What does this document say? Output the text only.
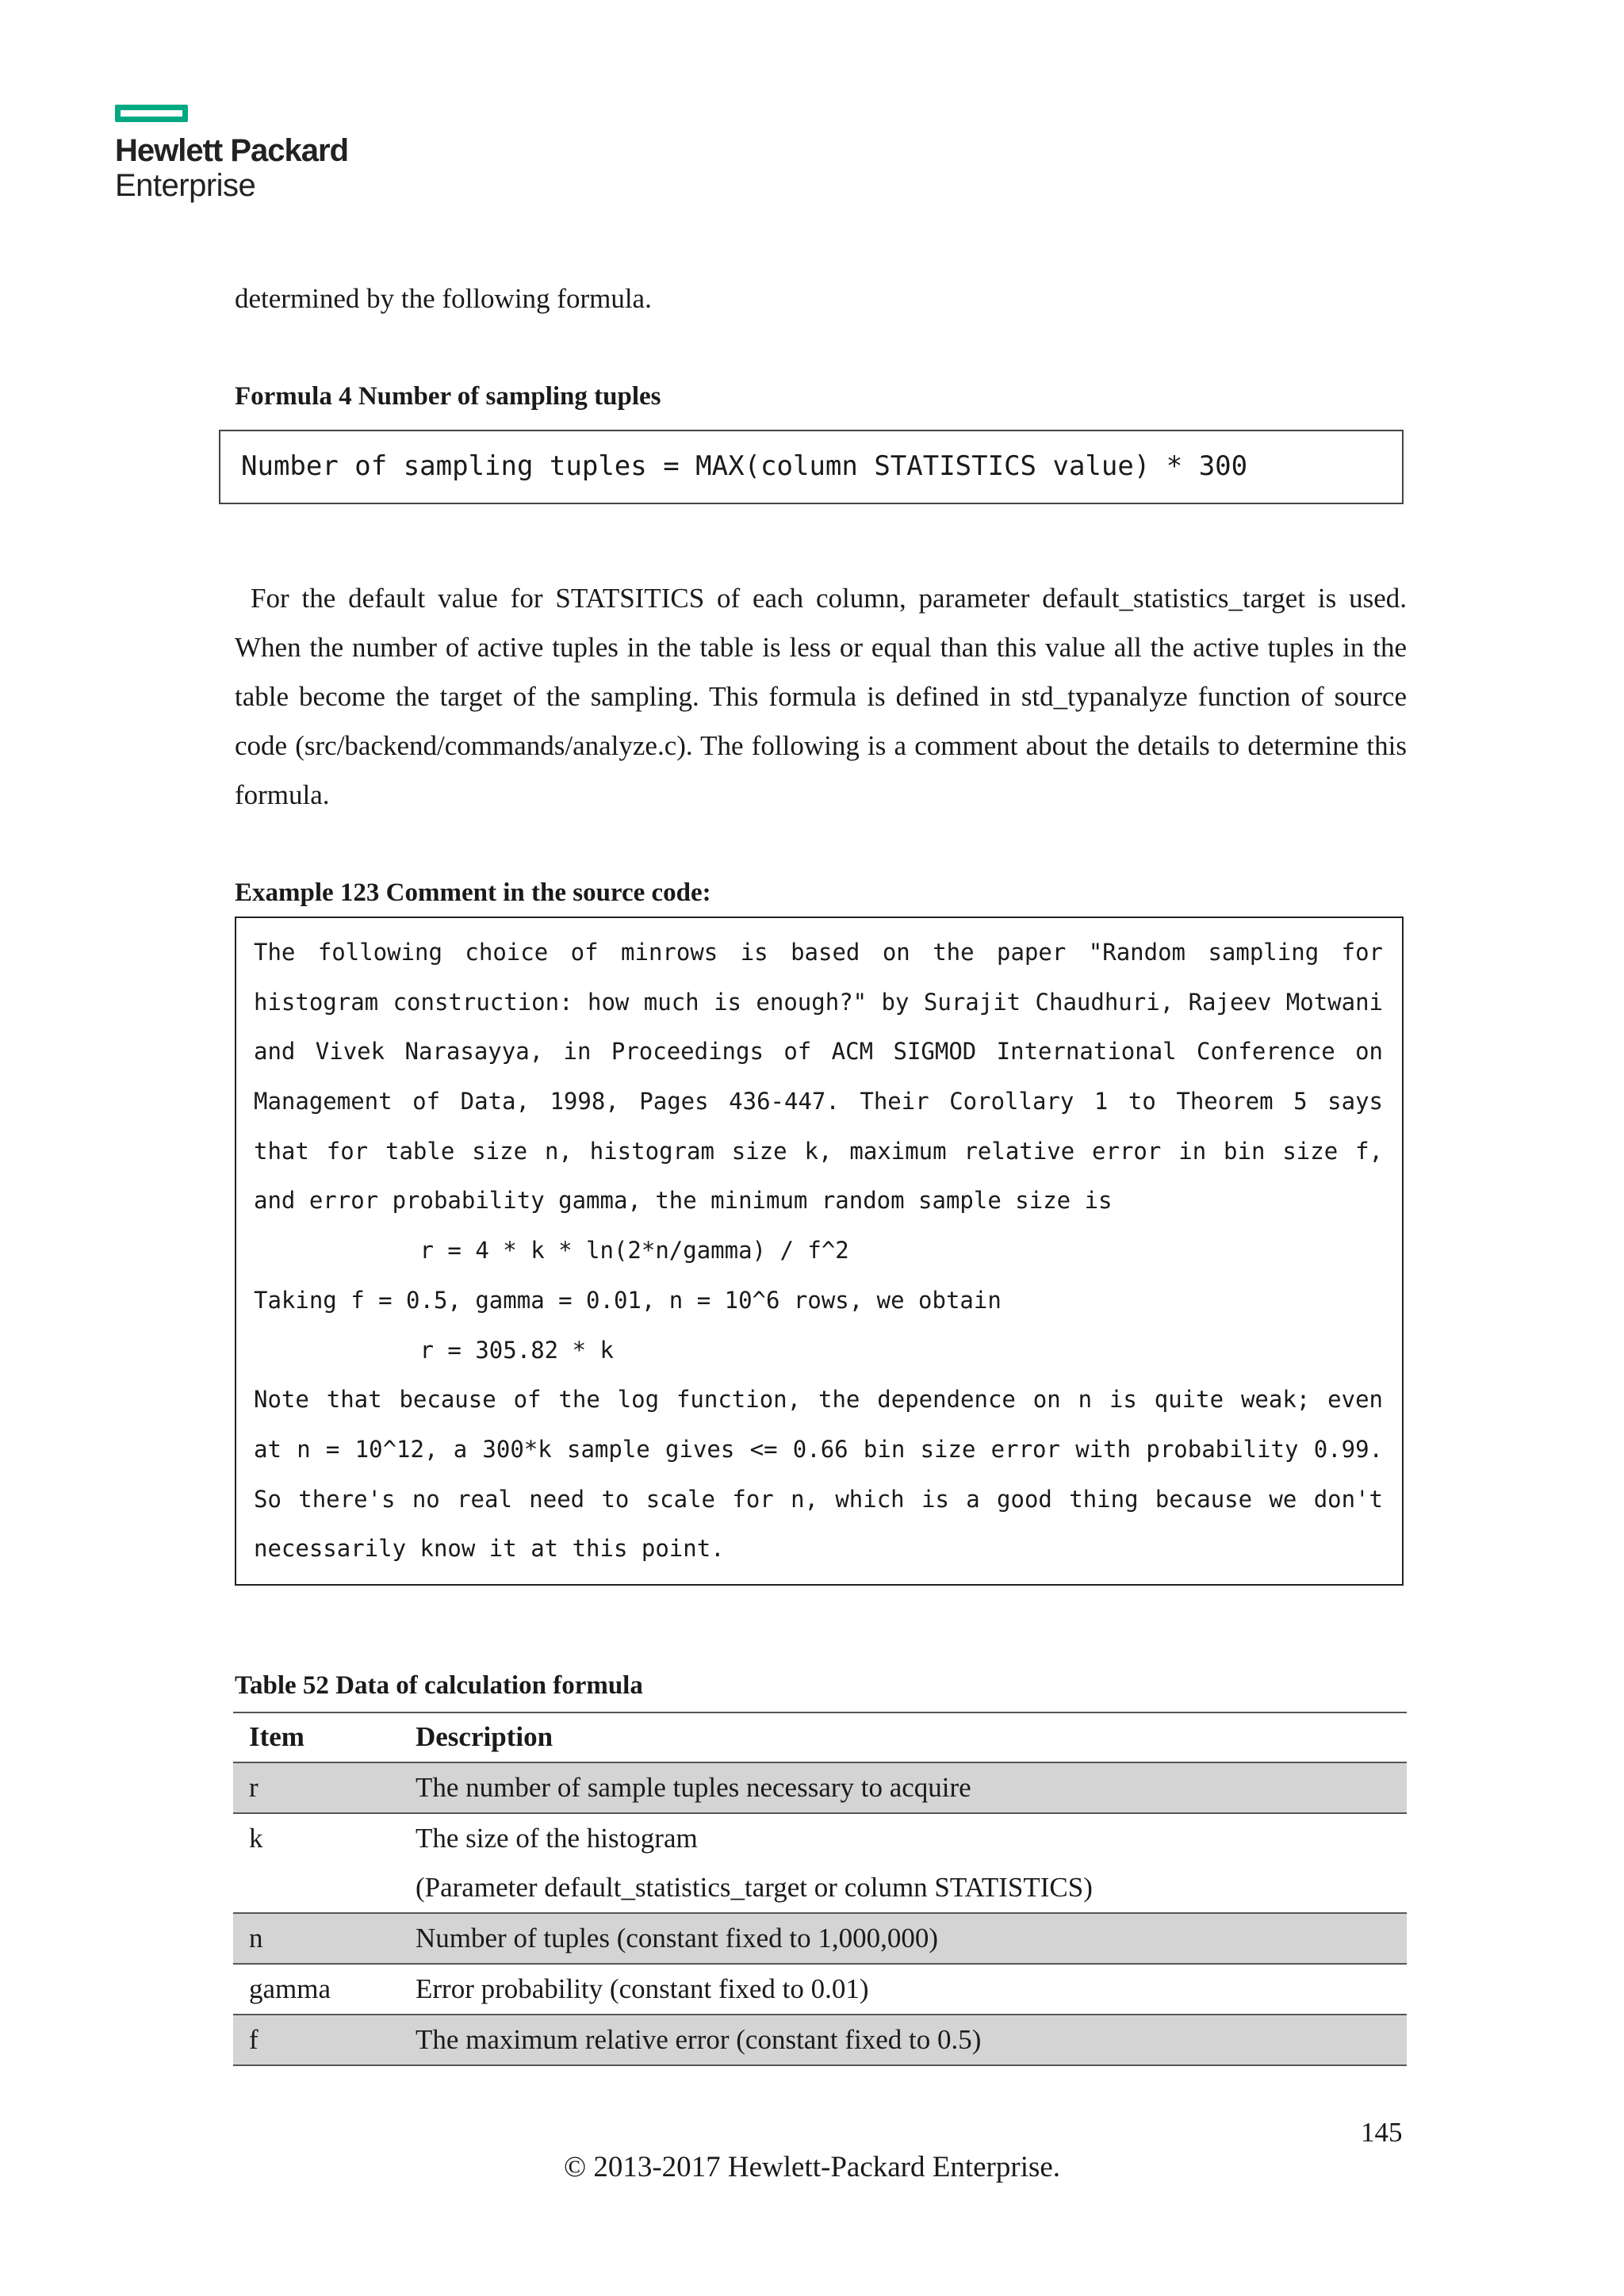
Hewlett Packard
Enterprise
determined by the following formula.
Formula 4 Number of sampling tuples
Number of sampling tuples = MAX(column STATISTICS value) * 300
For the default value for STATSITICS of each column, parameter default_statistics_target is used. When the number of active tuples in the table is less or equal than this value all the active tuples in the table become the target of the sampling. This formula is defined in std_typanalyze function of source code (src/backend/commands/analyze.c). The following is a comment about the details to determine this formula.
Example 123 Comment in the source code:
The following choice of minrows is based on the paper "Random sampling for
histogram construction: how much is enough?" by Surajit Chaudhuri, Rajeev Motwani
and Vivek Narasayya, in Proceedings of ACM SIGMOD International Conference on
Management of Data, 1998, Pages 436-447. Their Corollary 1 to Theorem 5 says
that for table size n, histogram size k, maximum relative error in bin size f,
and error probability gamma, the minimum random sample size is
r = 4 * k * ln(2*n/gamma) / f^2
Taking f = 0.5, gamma = 0.01, n = 10^6 rows, we obtain
r = 305.82 * k
Note that because of the log function, the dependence on n is quite weak; even
at n = 10^12, a 300*k sample gives <= 0.66 bin size error with probability 0.99.
So there's no real need to scale for n, which is a good thing because we don't
necessarily know it at this point.
Table 52 Data of calculation formula
Item	Description
r	The number of sample tuples necessary to acquire
k	The size of the histogram
(Parameter default_statistics_target or column STATISTICS)

n	Number of tuples (constant fixed to 1,000,000)
gamma	Error probability (constant fixed to 0.01)
f	The maximum relative error (constant fixed to 0.5)
145
© 2013-2017 Hewlett-Packard Enterprise.
